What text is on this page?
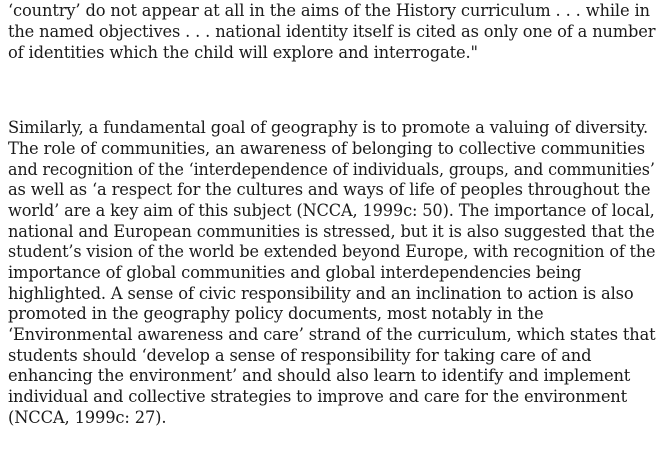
‘country’ do not appear at all in the aims of the History curriculum . . . while in
the named objectives . . . national identity itself is cited as only one of a number
of identities which the child will explore and interrogate."
Similarly, a fundamental goal of geography is to promote a valuing of diversity.
The role of communities, an awareness of belonging to collective communities
and recognition of the ‘interdependence of individuals, groups, and communities’
as well as ‘a respect for the cultures and ways of life of peoples throughout the
world’ are a key aim of this subject (NCCA, 1999c: 50). The importance of local,
national and European communities is stressed, but it is also suggested that the
student’s vision of the world be extended beyond Europe, with recognition of the
importance of global communities and global interdependencies being
highlighted. A sense of civic responsibility and an inclination to action is also
promoted in the geography policy documents, most notably in the
‘Environmental awareness and care’ strand of the curriculum, which states that
students should ‘develop a sense of responsibility for taking care of and
enhancing the environment’ and should also learn to identify and implement
individual and collective strategies to improve and care for the environment
(NCCA, 1999c: 27).
